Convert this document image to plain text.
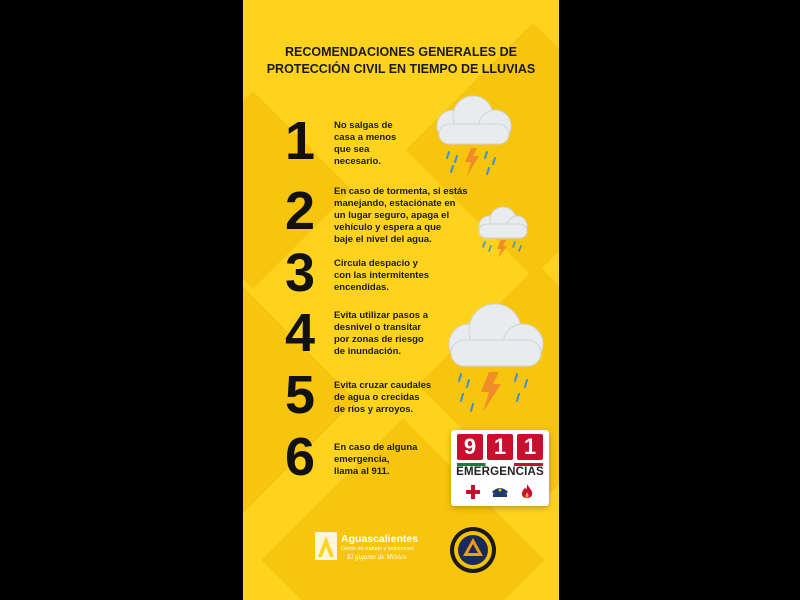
RECOMENDACIONES GENERALES DE
PROTECCIÓN CIVIL EN TIEMPO DE LLUVIAS
1 No salgas de
casa a menos
que sea
necesario.
2 En caso de tormenta, si estás
manejando, estaciónate en
un lugar seguro, apaga el
vehículo y espera a que
baje el nivel del agua.
3 Circula despacio y
con las intermitentes
encendidas.
4 Evita utilizar pasos a
desnivel o transitar
por zonas de riesgo
de inundación.
5 Evita cruzar caudales
de agua o crecidas
de ríos y arroyos.
6 En caso de alguna
emergencia,
llama al 911.
9 1 1
EMERGENCIAS
Aguascalientes
Gente de trabajo y soluciones
El gigante de México
